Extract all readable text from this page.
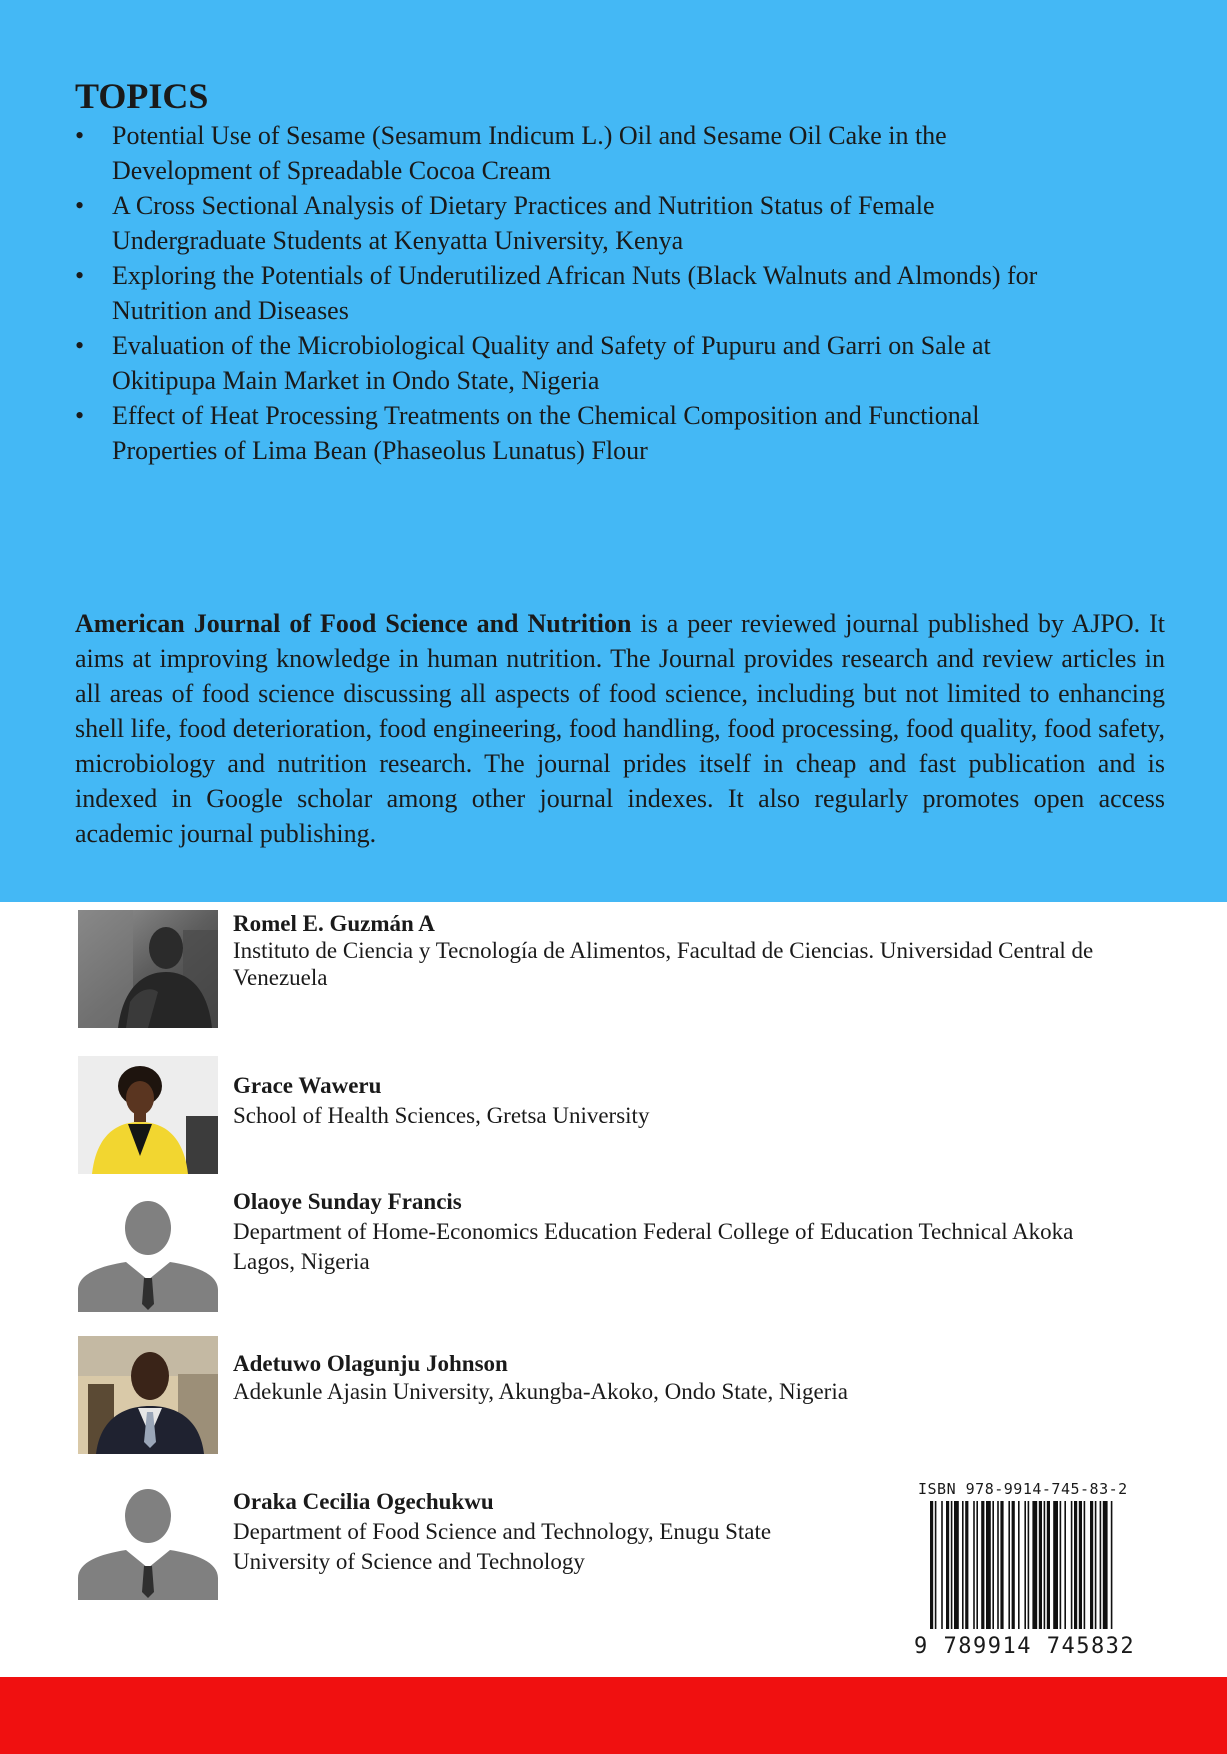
TOPICS
• Potential Use of Sesame (Sesamum Indicum L.) Oil and Sesame Oil Cake in the
Development of Spreadable Cocoa Cream
• A Cross Sectional Analysis of Dietary Practices and Nutrition Status of Female
Undergraduate Students at Kenyatta University, Kenya
• Exploring the Potentials of Underutilized African Nuts (Black Walnuts and Almonds) for
Nutrition and Diseases
• Evaluation of the Microbiological Quality and Safety of Pupuru and Garri on Sale at
Okitipupa Main Market in Ondo State, Nigeria
• Effect of Heat Processing Treatments on the Chemical Composition and Functional
Properties of Lima Bean (Phaseolus Lunatus) Flour

American Journal of Food Science and Nutrition is a peer reviewed journal published by AJPO. It aims at improving knowledge in human nutrition. The Journal provides research and review articles in all areas of food science discussing all aspects of food science, including but not limited to enhancing shell life, food deterioration, food engineering, food handling, food processing, food quality, food safety, microbiology and nutrition research. The journal prides itself in cheap and fast publication and is indexed in Google scholar among other journal indexes. It also regularly promotes open access academic journal publishing.

Romel E. Guzmán A
Instituto de Ciencia y Tecnología de Alimentos, Facultad de Ciencias. Universidad Central de
Venezuela
Grace Waweru
School of Health Sciences, Gretsa University
Olaoye Sunday Francis
Department of Home-Economics Education Federal College of Education Technical Akoka
Lagos, Nigeria
Adetuwo Olagunju Johnson
Adekunle Ajasin University, Akungba-Akoko, Ondo State, Nigeria
Oraka Cecilia Ogechukwu
Department of Food Science and Technology, Enugu State
University of Science and Technology
ISBN 978-9914-745-83-2
9 789914 745832
